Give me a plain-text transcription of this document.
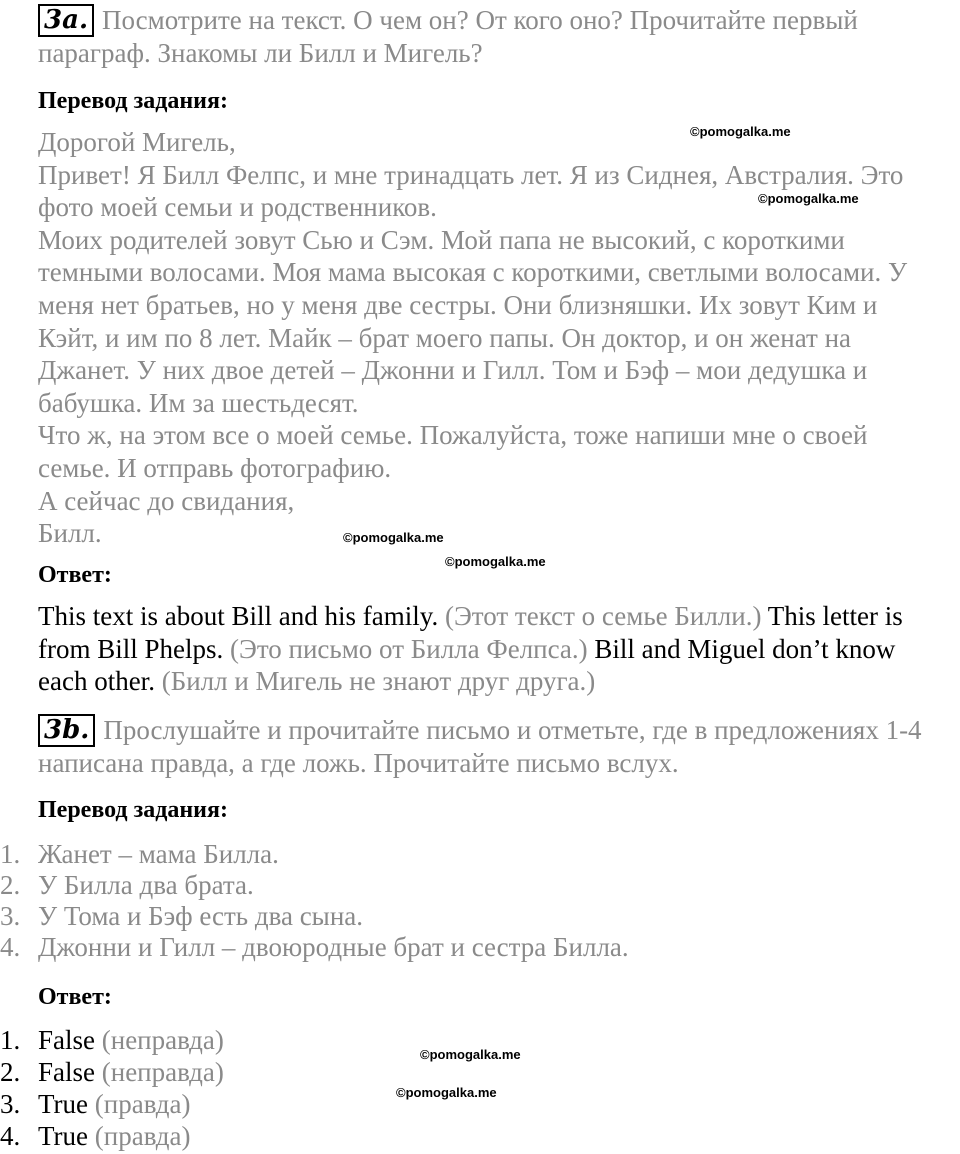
3a. Посмотрите на текст. О чем он? От кого оно? Прочитайте первый
параграф. Знакомы ли Билл и Мигель?
Перевод задания:
Дорогой Мигель,
Привет! Я Билл Фелпс, и мне тринадцать лет. Я из Сиднея, Австралия. Это
фото моей семьи и родственников.
Моих родителей зовут Сью и Сэм. Мой папа не высокий, с короткими
темными волосами. Моя мама высокая с короткими, светлыми волосами. У
меня нет братьев, но у меня две сестры. Они близняшки. Их зовут Ким и
Кэйт, и им по 8 лет. Майк – брат моего папы. Он доктор, и он женат на
Джанет. У них двое детей – Джонни и Гилл. Том и Бэф – мои дедушка и
бабушка. Им за шестьдесят.
Что ж, на этом все о моей семье. Пожалуйста, тоже напиши мне о своей
семье. И отправь фотографию.
А сейчас до свидания,
Билл.
Ответ:
This text is about Bill and his family. (Этот текст о семье Билли.) This letter is
from Bill Phelps. (Это письмо от Билла Фелпса.) Bill and Miguel don’t know
each other. (Билл и Мигель не знают друг друга.)
3b. Прослушайте и прочитайте письмо и отметьте, где в предложениях 1-4
написана правда, а где ложь. Прочитайте письмо вслух.
Перевод задания:
1. Жанет – мама Билла.
2. У Билла два брата.
3. У Тома и Бэф есть два сына.
4. Джонни и Гилл – двоюродные брат и сестра Билла.
Ответ:
1. False (неправда)
2. False (неправда)
3. True (правда)
4. True (правда)
©pomogalka.me
©pomogalka.me
©pomogalka.me
©pomogalka.me
©pomogalka.me
©pomogalka.me
